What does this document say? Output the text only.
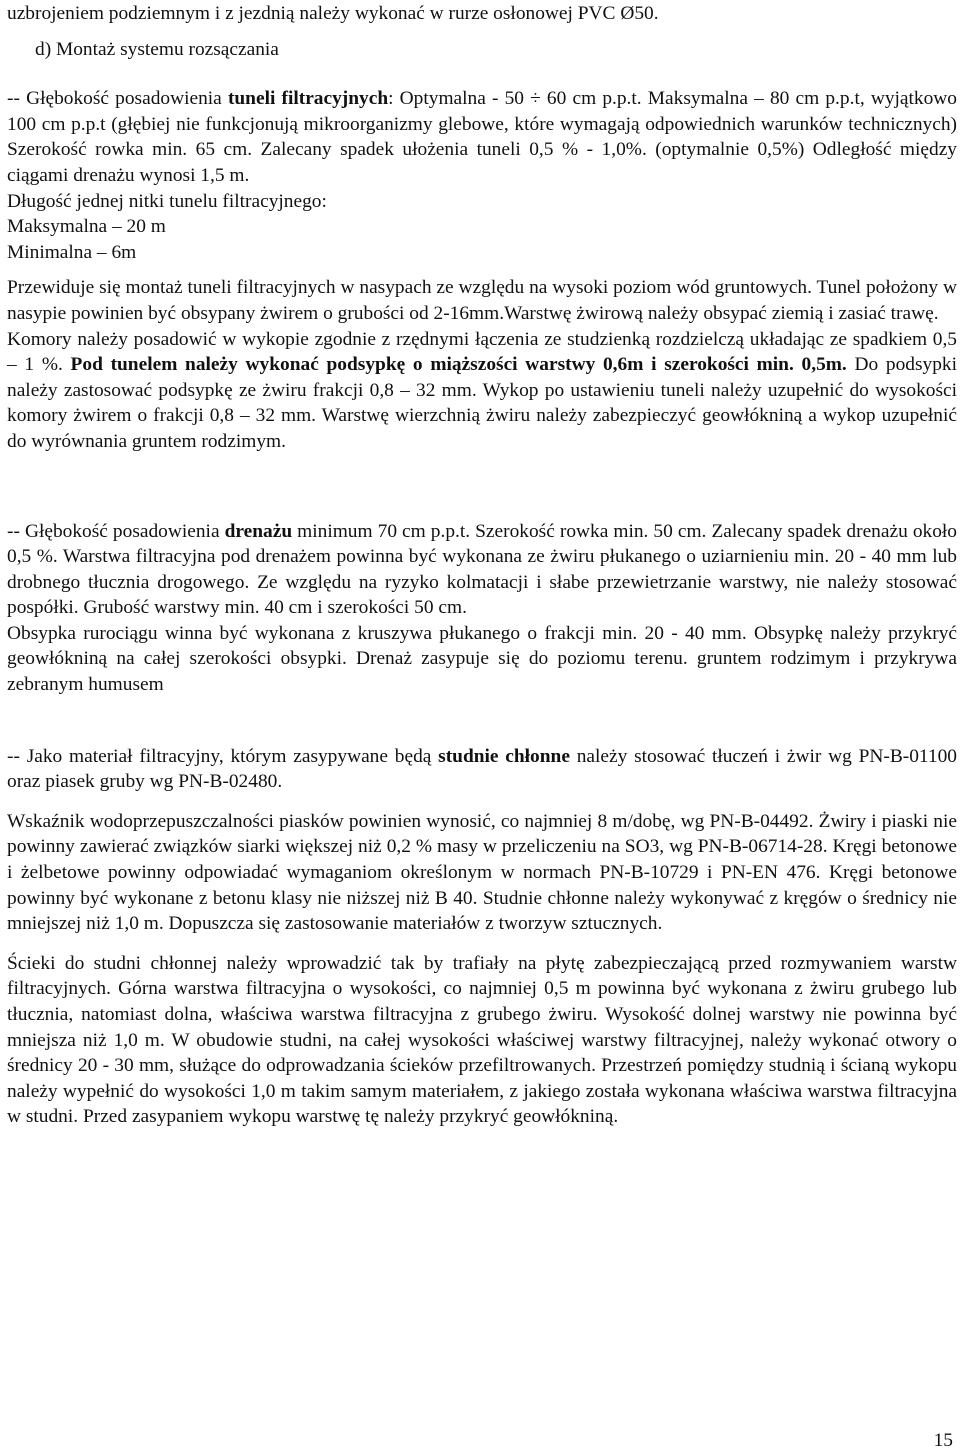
uzbrojeniem podziemnym i z jezdnią należy wykonać w rurze osłonowej PVC Ø50.

d) Montaż systemu rozsączania

-- Głębokość posadowienia tuneli filtracyjnych: Optymalna - 50 ÷ 60 cm p.p.t. Maksymalna – 80 cm p.p.t, wyjątkowo 100 cm p.p.t (głębiej nie funkcjonują mikroorganizmy glebowe, które wymagają odpowiednich warunków technicznych) Szerokość rowka min. 65 cm. Zalecany spadek ułożenia tuneli 0,5 % - 1,0%. (optymalnie 0,5%) Odległość między ciągami drenażu wynosi 1,5 m.

Długość jednej nitki tunelu filtracyjnego:

Maksymalna – 20 m

Minimalna – 6m

Przewiduje się montaż tuneli filtracyjnych w nasypach ze względu na wysoki poziom wód gruntowych. Tunel położony w nasypie powinien być obsypany żwirem o grubości od 2-16mm.Warstwę żwirową należy obsypać ziemią i zasiać trawę.

Komory należy posadowić w wykopie zgodnie z rzędnymi łączenia ze studzienką rozdzielczą układając ze spadkiem 0,5 – 1 %. Pod tunelem należy wykonać podsypkę o miąższości warstwy 0,6m i szerokości min. 0,5m. Do podsypki należy zastosować podsypkę ze żwiru frakcji 0,8 – 32 mm. Wykop po ustawieniu tuneli należy uzupełnić do wysokości komory żwirem o frakcji 0,8 – 32 mm. Warstwę wierzchnią żwiru należy zabezpieczyć geowłókniną a wykop uzupełnić do wyrównania gruntem rodzimym.

-- Głębokość posadowienia drenażu minimum 70 cm p.p.t. Szerokość rowka min. 50 cm. Zalecany spadek drenażu około 0,5 %. Warstwa filtracyjna pod drenażem powinna być wykonana ze żwiru płukanego o uziarnieniu min. 20 - 40 mm lub drobnego tłucznia drogowego. Ze względu na ryzyko kolmatacji i słabe przewietrzanie warstwy, nie należy stosować pospółki. Grubość warstwy min. 40 cm i szerokości 50 cm.

Obsypka rurociągu winna być wykonana z kruszywa płukanego o frakcji min. 20 - 40 mm. Obsypkę należy przykryć geowłókniną na całej szerokości obsypki. Drenaż zasypuje się do poziomu terenu. gruntem rodzimym i przykrywa zebranym humusem

-- Jako materiał filtracyjny, którym zasypywane będą studnie chłonne należy stosować tłuczeń i żwir wg PN-B-01100 oraz piasek gruby wg PN-B-02480.

Wskaźnik wodoprzepuszczalności piasków powinien wynosić, co najmniej 8 m/dobę, wg PN-B-04492. Żwiry i piaski nie powinny zawierać związków siarki większej niż 0,2 % masy w przeliczeniu na SO3, wg PN-B-06714-28. Kręgi betonowe i żelbetowe powinny odpowiadać wymaganiom określonym w normach PN-B-10729 i PN-EN 476. Kręgi betonowe powinny być wykonane z betonu klasy nie niższej niż B 40. Studnie chłonne należy wykonywać z kręgów o średnicy nie mniejszej niż 1,0 m. Dopuszcza się zastosowanie materiałów z tworzyw sztucznych.

Ścieki do studni chłonnej należy wprowadzić tak by trafiały na płytę zabezpieczającą przed rozmywaniem warstw filtracyjnych. Górna warstwa filtracyjna o wysokości, co najmniej 0,5 m powinna być wykonana z żwiru grubego lub tłucznia, natomiast dolna, właściwa warstwa filtracyjna z grubego żwiru. Wysokość dolnej warstwy nie powinna być mniejsza niż 1,0 m. W obudowie studni, na całej wysokości właściwej warstwy filtracyjnej, należy wykonać otwory o średnicy 20 - 30 mm, służące do odprowadzania ścieków przefiltrowanych. Przestrzeń pomiędzy studnią i ścianą wykopu należy wypełnić do wysokości 1,0 m takim samym materiałem, z jakiego została wykonana właściwa warstwa filtracyjna w studni. Przed zasypaniem wykopu warstwę tę należy przykryć geowłókniną.

15
